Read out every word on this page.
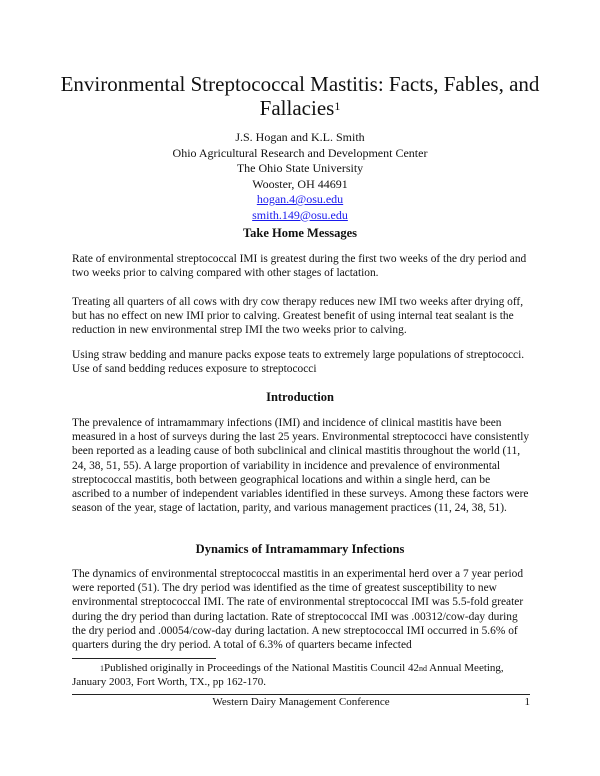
Environmental Streptococcal Mastitis: Facts, Fables, and Fallacies$^1$
J.S. Hogan and K.L. Smith
Ohio Agricultural Research and Development Center
The Ohio State University
Wooster, OH 44691
hogan.4@osu.edu
smith.149@osu.edu
Take Home Messages
Rate of environmental streptococcal IMI is greatest during the first two weeks of the dry period and two weeks prior to calving compared with other stages of lactation.
Treating all quarters of all cows with dry cow therapy reduces new IMI two weeks after drying off, but has no effect on new IMI prior to calving. Greatest benefit of using internal teat sealant is the reduction in new environmental strep IMI the two weeks prior to calving.
Using straw bedding and manure packs expose teats to extremely large populations of streptococci. Use of sand bedding reduces exposure to streptococci
Introduction
The prevalence of intramammary infections (IMI) and incidence of clinical mastitis have been measured in a host of surveys during the last 25 years. Environmental streptococci have consistently been reported as a leading cause of both subclinical and clinical mastitis throughout the world (11, 24, 38, 51, 55). A large proportion of variability in incidence and prevalence of environmental streptococcal mastitis, both between geographical locations and within a single herd, can be ascribed to a number of independent variables identified in these surveys. Among these factors were season of the year, stage of lactation, parity, and various management practices (11, 24, 38, 51).
Dynamics of Intramammary Infections
The dynamics of environmental streptococcal mastitis in an experimental herd over a 7 year period were reported (51). The dry period was identified as the time of greatest susceptibility to new environmental streptococcal IMI. The rate of environmental streptococcal IMI was 5.5-fold greater during the dry period than during lactation. Rate of streptococcal IMI was .00312/cow-day during the dry period and .00054/cow-day during lactation. A new streptococcal IMI occurred in 5.6% of quarters during the dry period. A total of 6.3% of quarters became infected
$^1$Published originally in Proceedings of the National Mastitis Council 42nd Annual Meeting, January 2003, Fort Worth, TX., pp 162-170.
Western Dairy Management Conference	1
